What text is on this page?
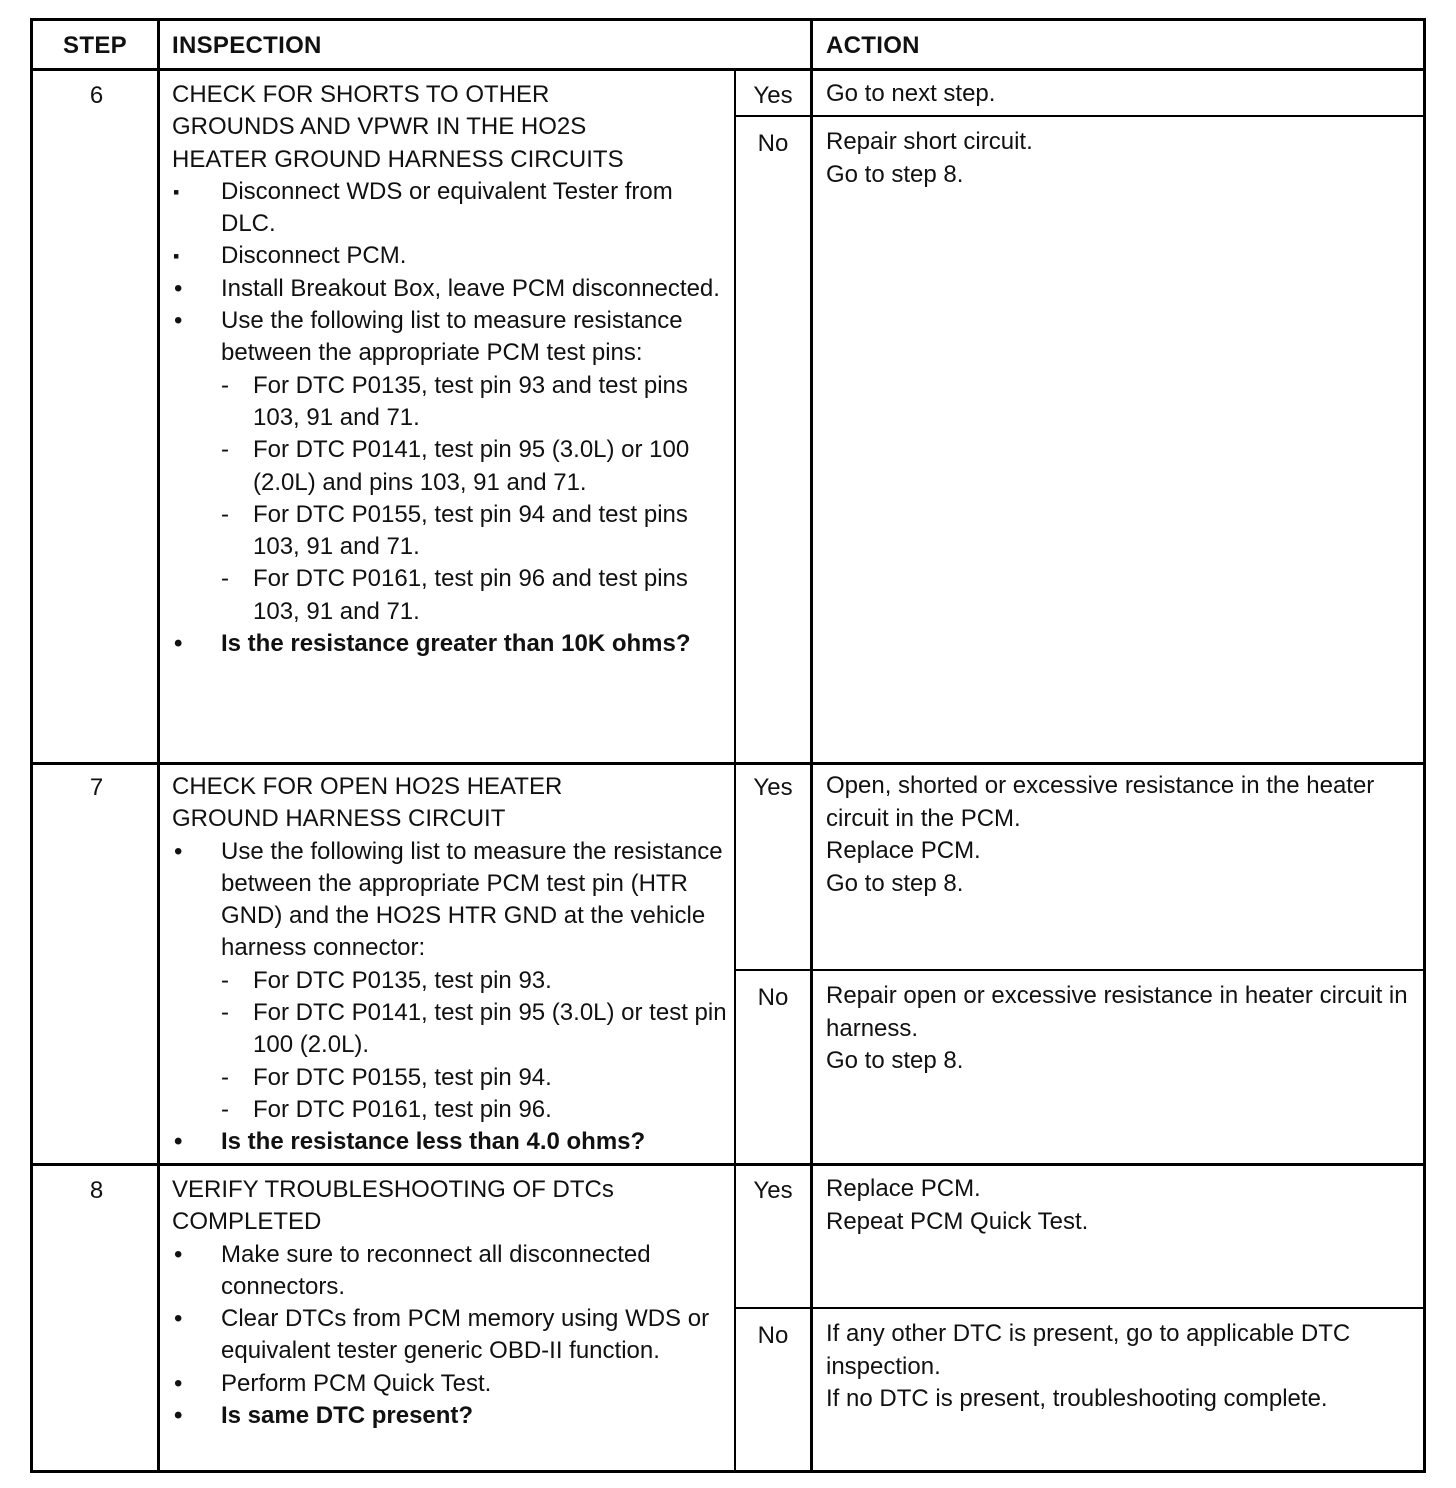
STEP	INSPECTION	ACTION
6	CHECK FOR SHORTS TO OTHER
GROUNDS AND VPWR IN THE HO2S
HEATER GROUND HARNESS CIRCUITS
▪ Disconnect WDS or equivalent Tester from DLC.
▪ Disconnect PCM.
• Install Breakout Box, leave PCM disconnected.
• Use the following list to measure resistance between the appropriate PCM test pins:
- For DTC P0135, test pin 93 and test pins 103, 91 and 71.
- For DTC P0141, test pin 95 (3.0L) or 100 (2.0L) and pins 103, 91 and 71.
- For DTC P0155, test pin 94 and test pins 103, 91 and 71.
- For DTC P0161, test pin 96 and test pins 103, 91 and 71.
• Is the resistance greater than 10K ohms?
Yes	Go to next step.
No	Repair short circuit.
Go to step 8.
7	CHECK FOR OPEN HO2S HEATER
GROUND HARNESS CIRCUIT
• Use the following list to measure the resistance between the appropriate PCM test pin (HTR GND) and the HO2S HTR GND at the vehicle harness connector:
- For DTC P0135, test pin 93.
- For DTC P0141, test pin 95 (3.0L) or test pin 100 (2.0L).
- For DTC P0155, test pin 94.
- For DTC P0161, test pin 96.
• Is the resistance less than 4.0 ohms?
Yes	Open, shorted or excessive resistance in the heater circuit in the PCM.
Replace PCM.
Go to step 8.
No	Repair open or excessive resistance in heater circuit in harness.
Go to step 8.
8	VERIFY TROUBLESHOOTING OF DTCs
COMPLETED
• Make sure to reconnect all disconnected connectors.
• Clear DTCs from PCM memory using WDS or equivalent tester generic OBD-II function.
• Perform PCM Quick Test.
• Is same DTC present?
Yes	Replace PCM.
Repeat PCM Quick Test.
No	If any other DTC is present, go to applicable DTC inspection.
If no DTC is present, troubleshooting complete.
